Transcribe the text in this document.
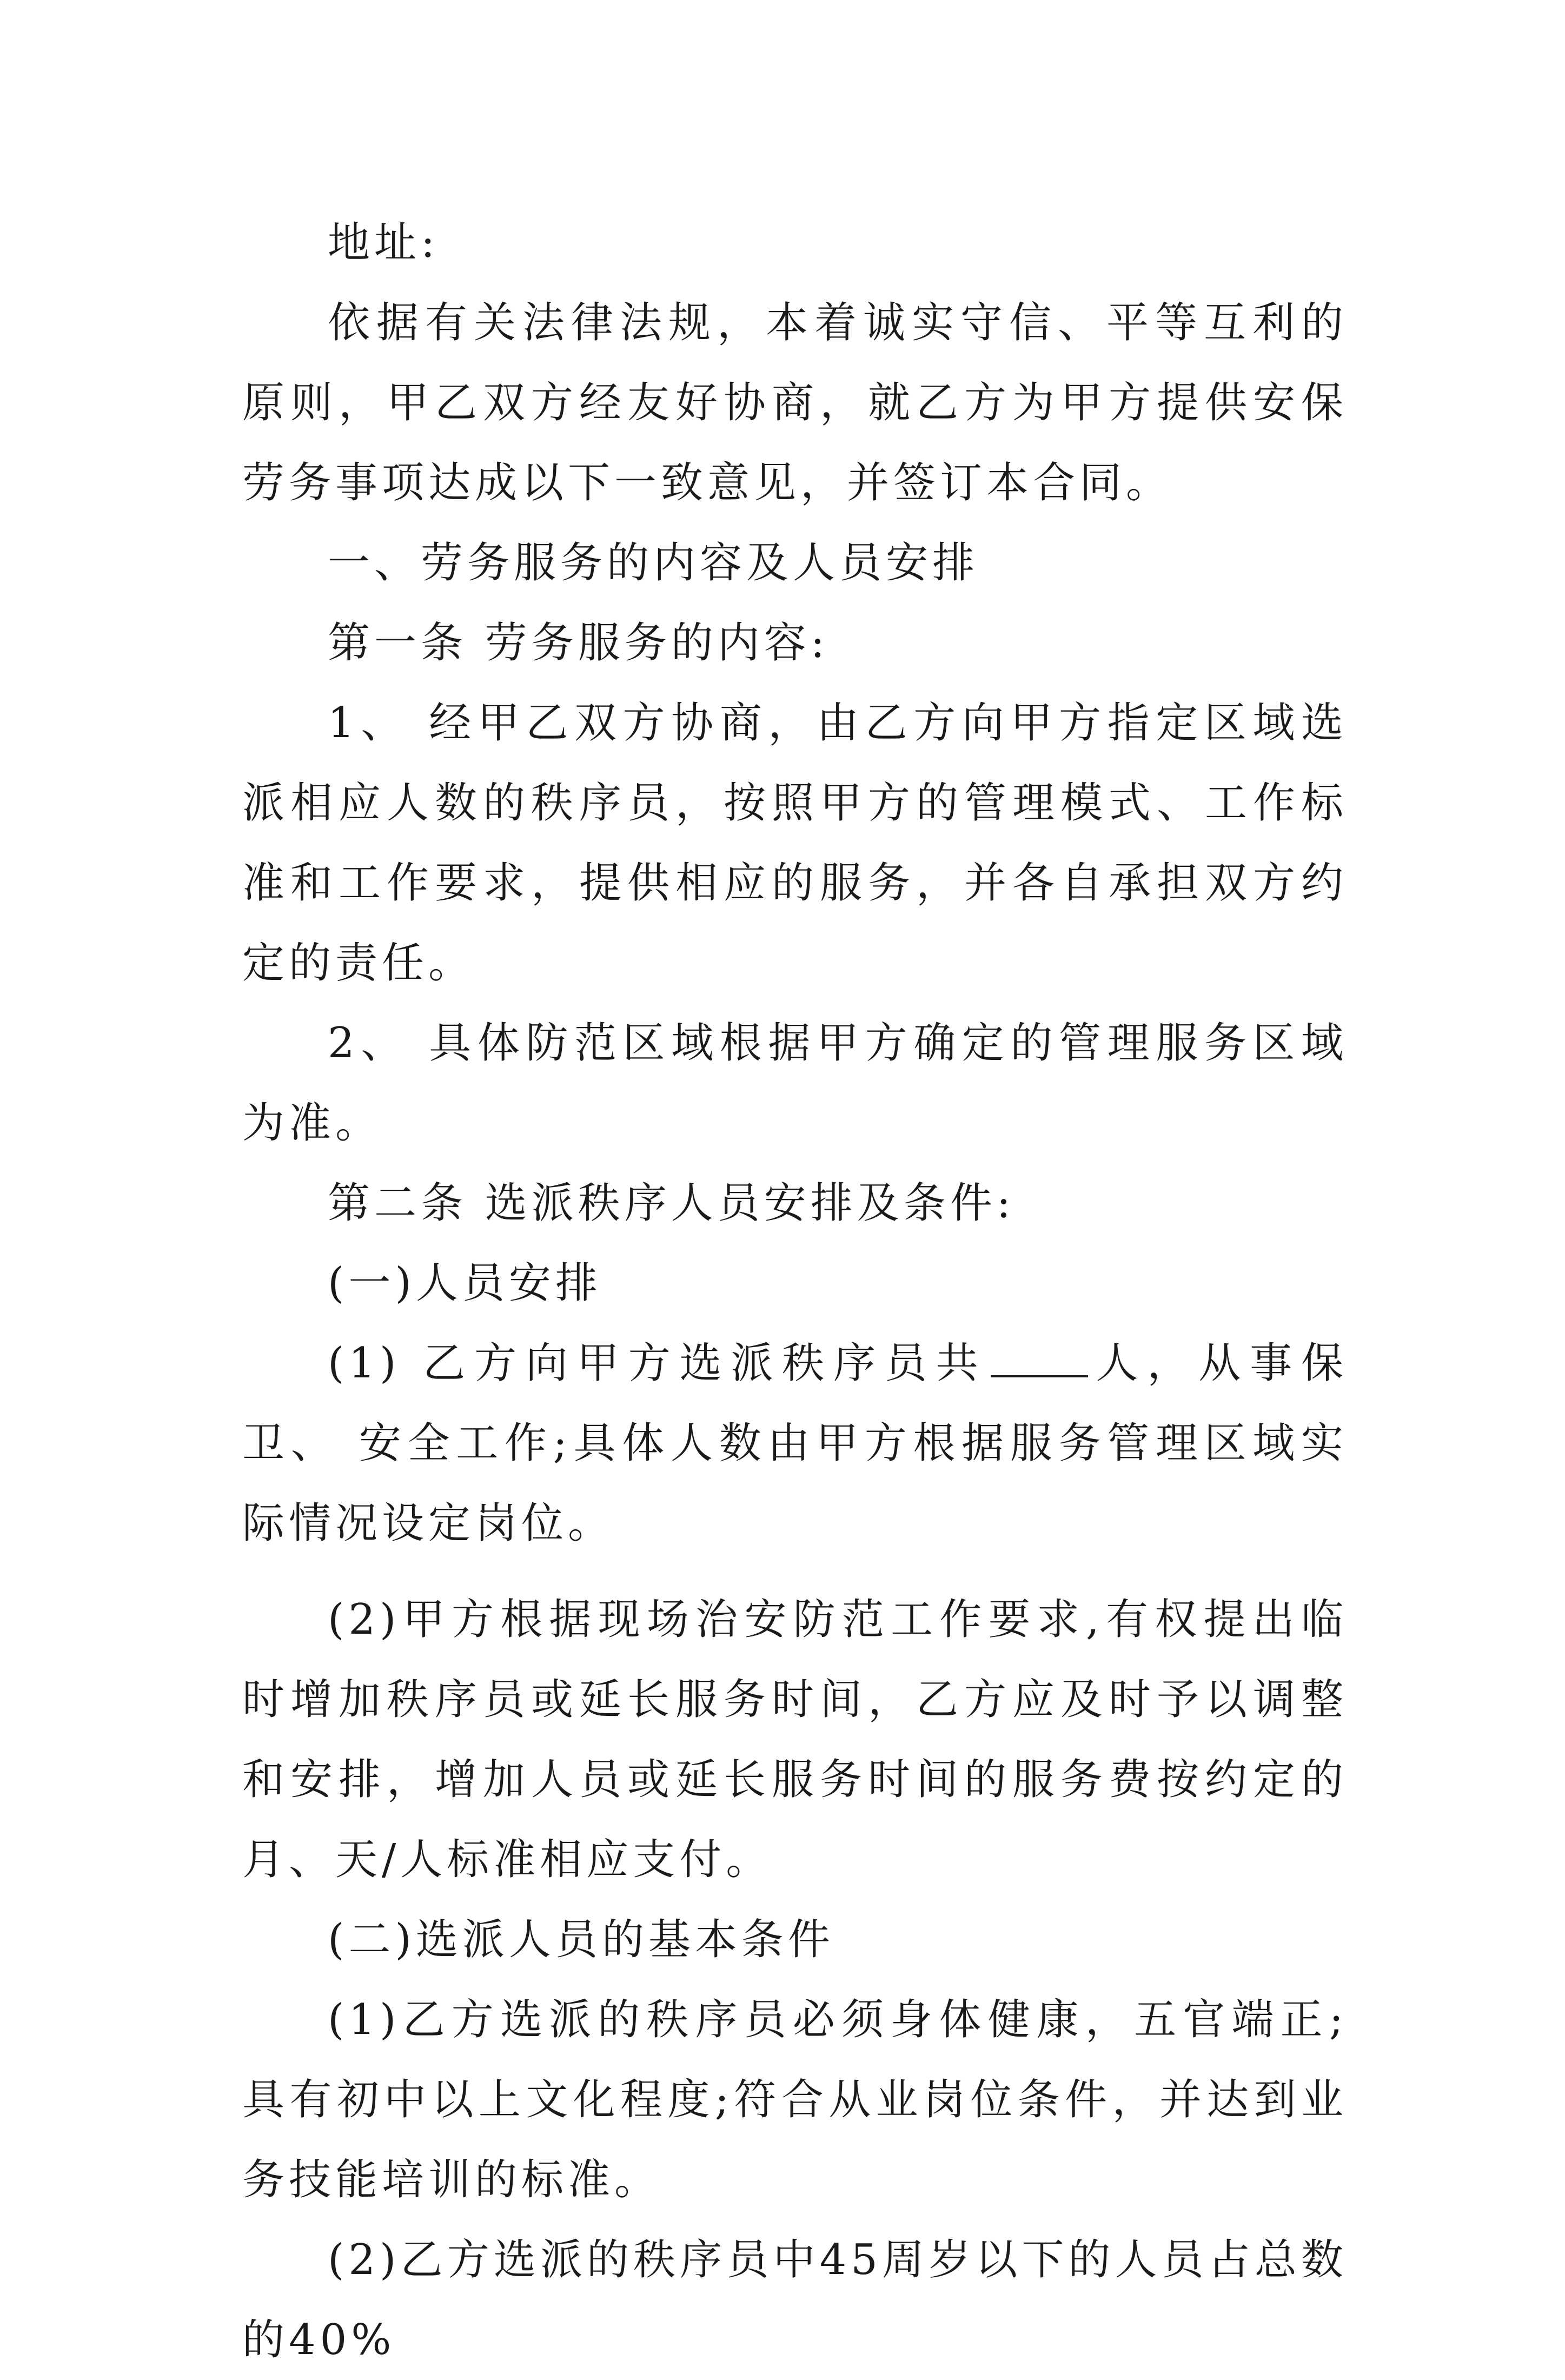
地址:

依据有关法律法规，本着诚实守信、平等互利的原则，甲乙双方经友好协商，就乙方为甲方提供安保劳务事项达成以下一致意见，并签订本合同。

一、劳务服务的内容及人员安排

第一条 劳务服务的内容:

1、 经甲乙双方协商，由乙方向甲方指定区域选派相应人数的秩序员，按照甲方的管理模式、工作标准和工作要求，提供相应的服务，并各自承担双方约定的责任。

2、 具体防范区域根据甲方确定的管理服务区域为准。

第二条 选派秩序人员安排及条件:

(一)人员安排

(1) 乙方向甲方选派秩序员共 人，从事保卫、 安全工作;具体人数由甲方根据服务管理区域实际情况设定岗位。

(2)甲方根据现场治安防范工作要求,有权提出临时增加秩序员或延长服务时间，乙方应及时予以调整和安排，增加人员或延长服务时间的服务费按约定的月、天/人标准相应支付。

(二)选派人员的基本条件

(1)乙方选派的秩序员必须身体健康，五官端正;具有初中以上文化程度;符合从业岗位条件，并达到业务技能培训的标准。

(2)乙方选派的秩序员中45周岁以下的人员占总数的40%
